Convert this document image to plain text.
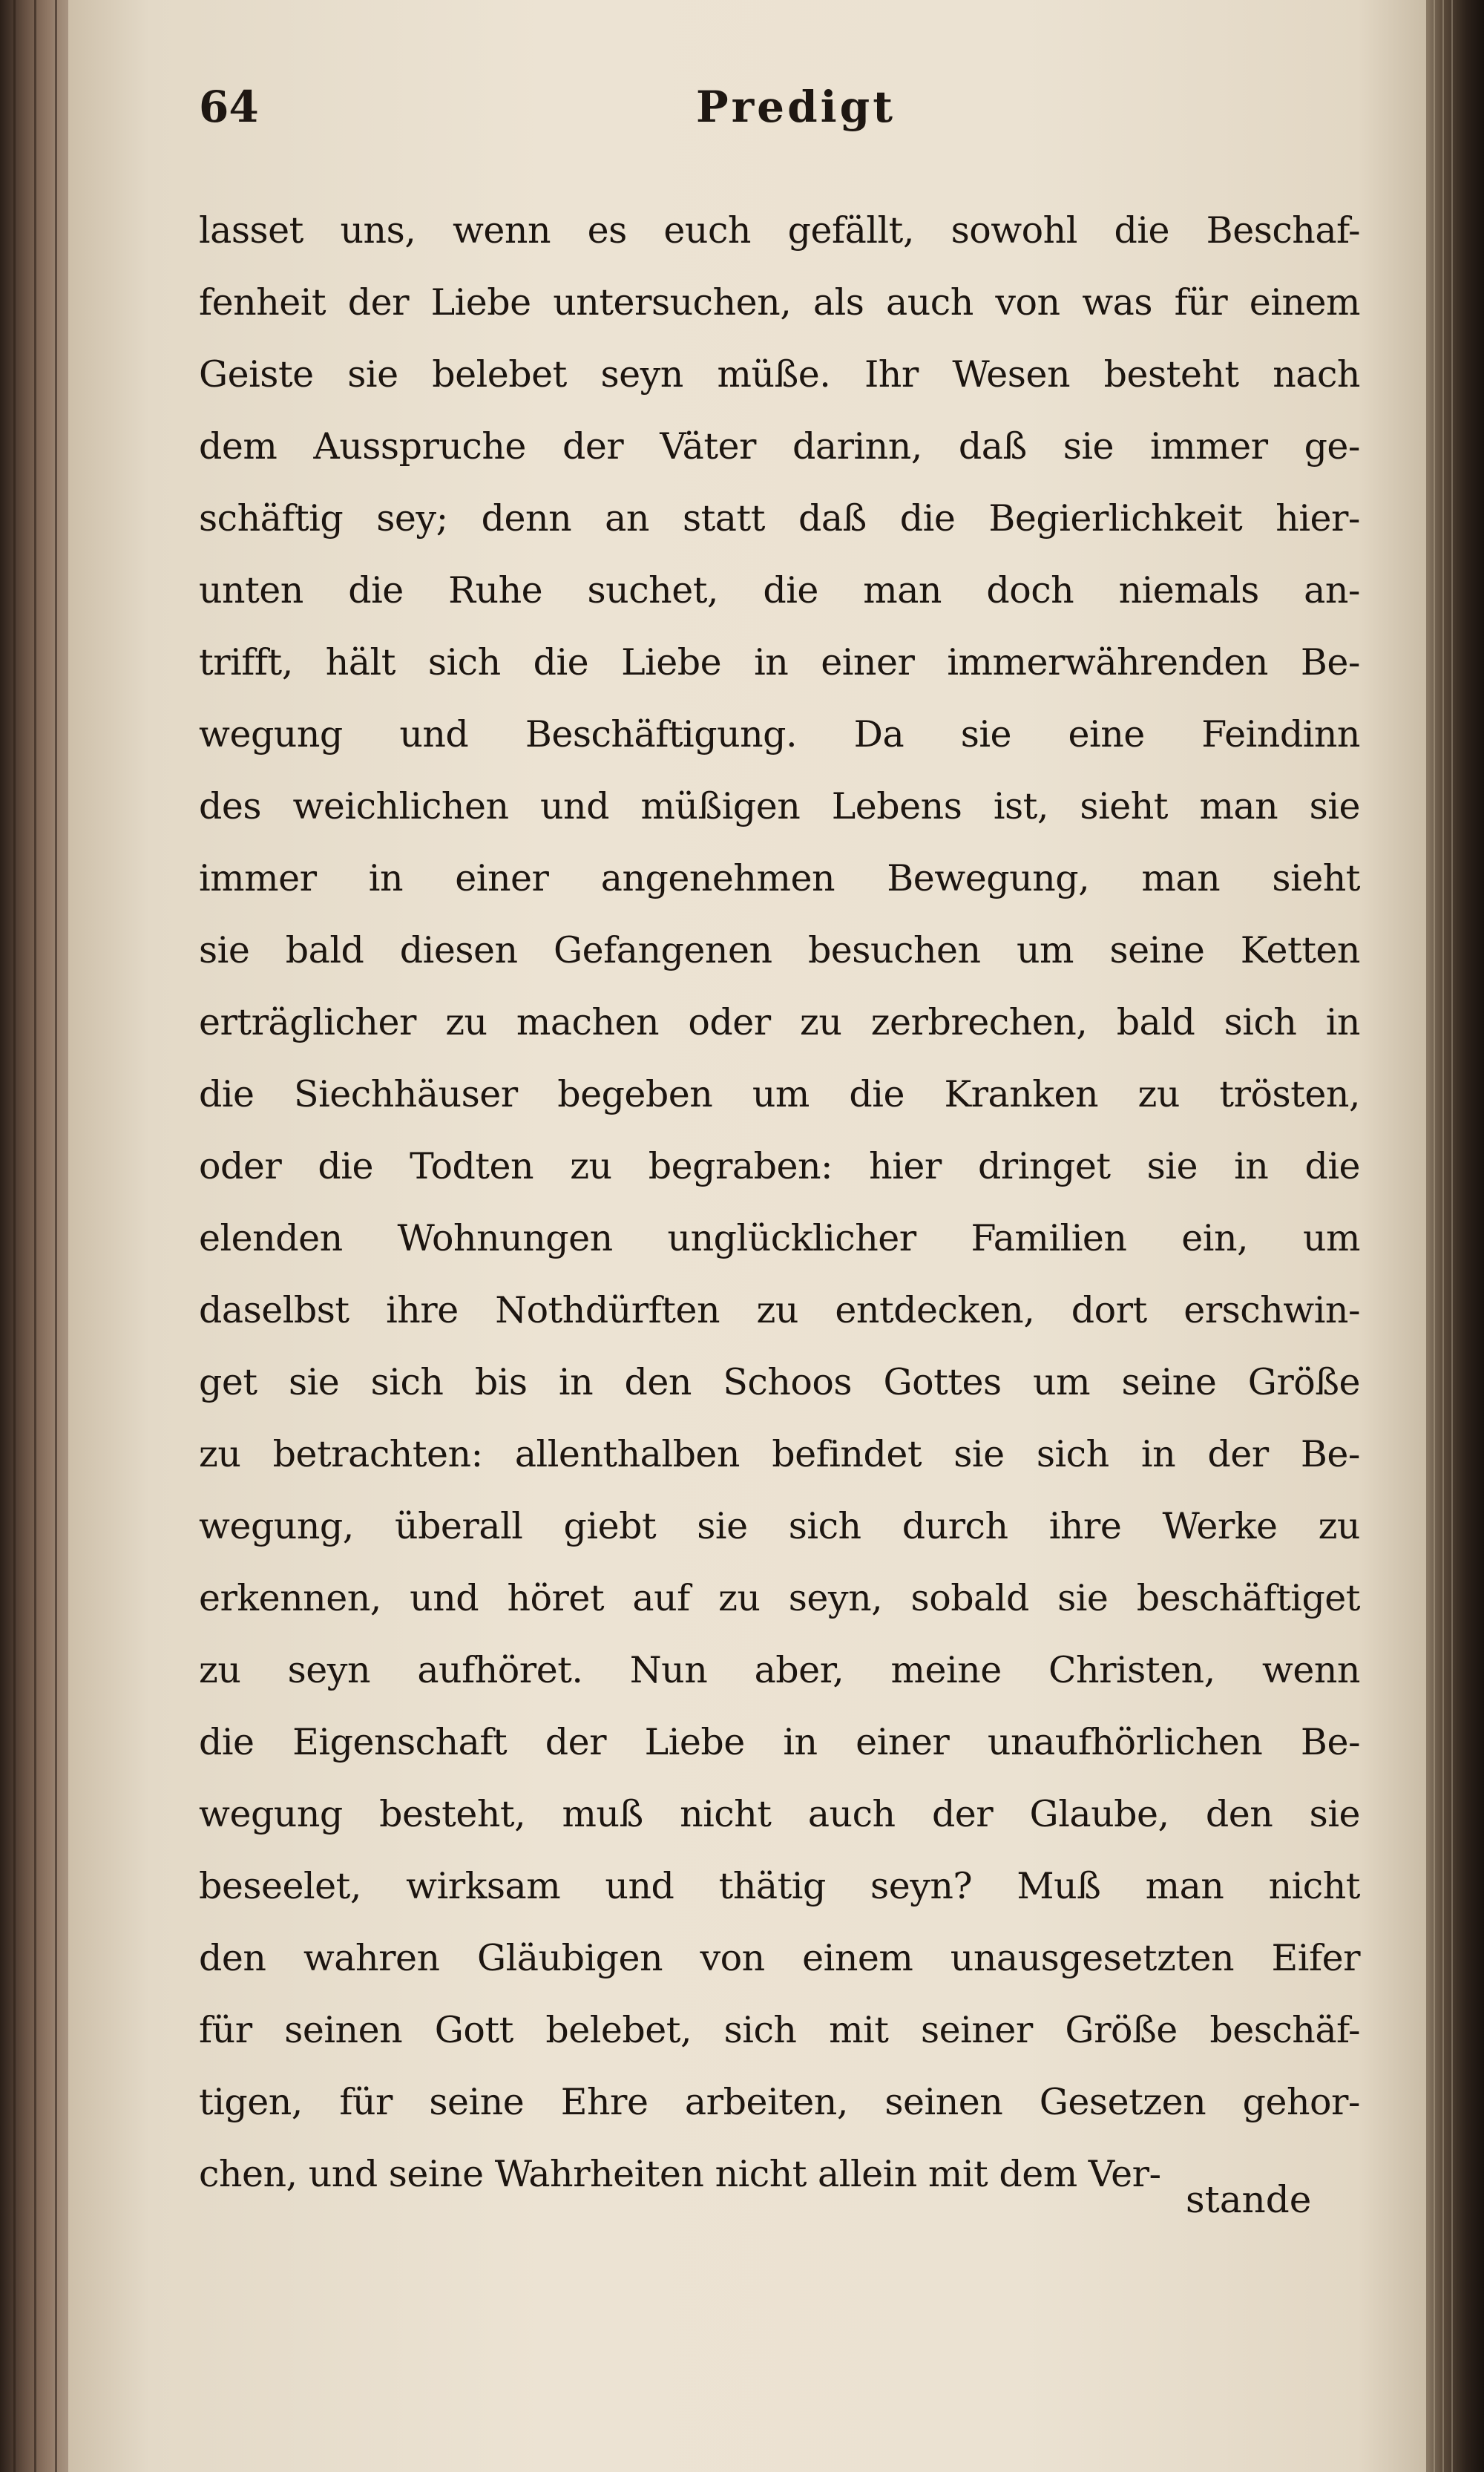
64	Predigt
lasset uns, wenn es euch gefällt, sowohl die Beschaf-
fenheit der Liebe untersuchen, als auch von was für einem
Geiste sie belebet seyn müße. Ihr Wesen besteht nach
dem Ausspruche der Väter darinn, daß sie immer ge-
schäftig sey; denn an statt daß die Begierlichkeit hier-
unten die Ruhe suchet, die man doch niemals an-
trifft, hält sich die Liebe in einer immerwährenden Be-
wegung und Beschäftigung. Da sie eine Feindinn
des weichlichen und müßigen Lebens ist, sieht man sie
immer in einer angenehmen Bewegung, man sieht
sie bald diesen Gefangenen besuchen um seine Ketten
erträglicher zu machen oder zu zerbrechen, bald sich in
die Siechhäuser begeben um die Kranken zu trösten,
oder die Todten zu begraben: hier dringet sie in die
elenden Wohnungen unglücklicher Familien ein, um
daselbst ihre Nothdürften zu entdecken, dort erschwin-
get sie sich bis in den Schoos Gottes um seine Größe
zu betrachten: allenthalben befindet sie sich in der Be-
wegung, überall giebt sie sich durch ihre Werke zu
erkennen, und höret auf zu seyn, sobald sie beschäftiget
zu seyn aufhöret. Nun aber, meine Christen, wenn
die Eigenschaft der Liebe in einer unaufhörlichen Be-
wegung besteht, muß nicht auch der Glaube, den sie
beseelet, wirksam und thätig seyn? Muß man nicht
den wahren Gläubigen von einem unausgesetzten Eifer
für seinen Gott belebet, sich mit seiner Größe beschäf-
tigen, für seine Ehre arbeiten, seinen Gesetzen gehor-
chen, und seine Wahrheiten nicht allein mit dem Ver-
stande
